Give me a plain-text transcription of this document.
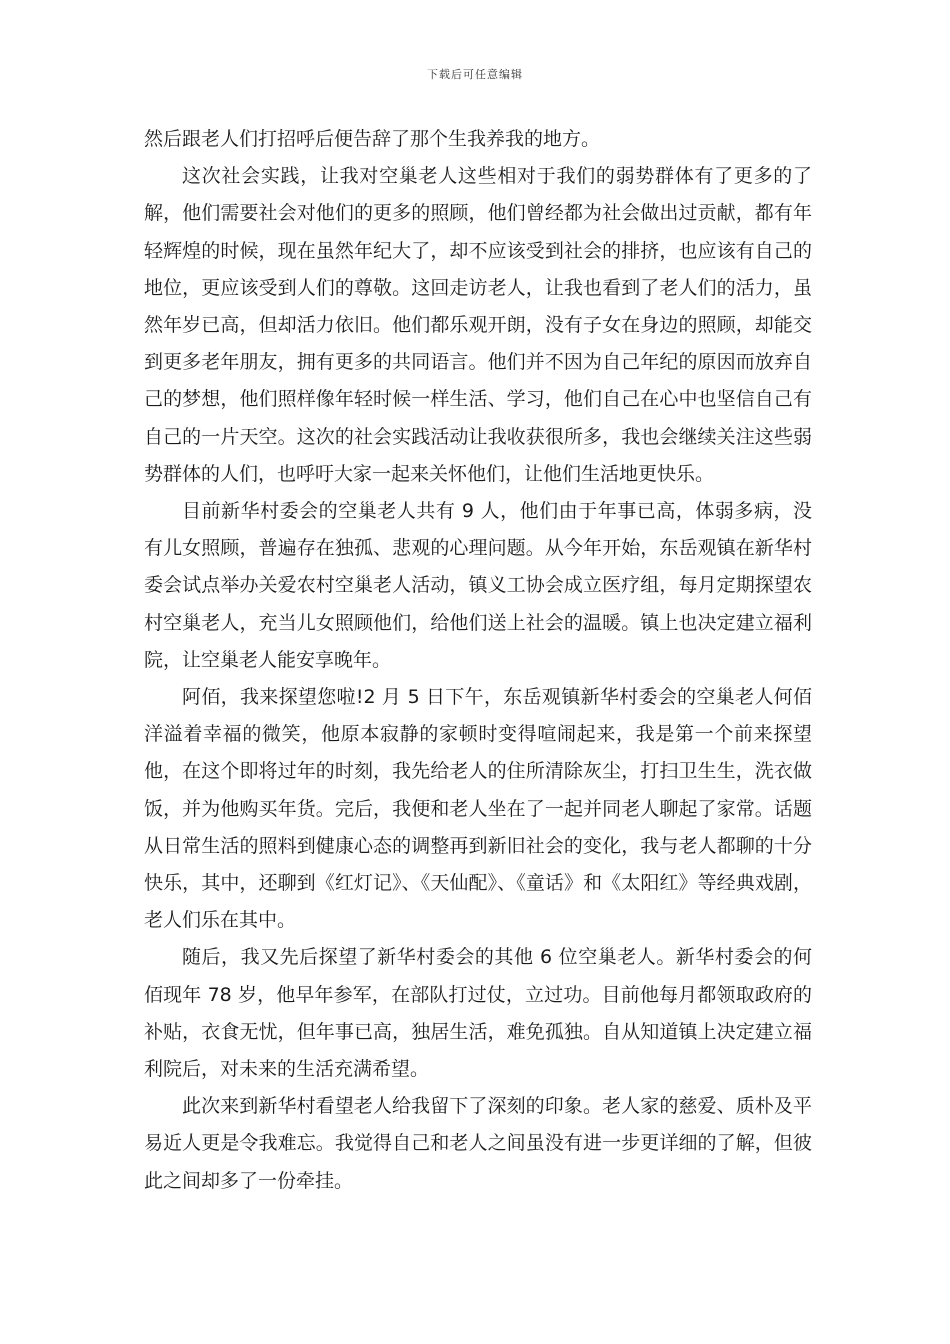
下载后可任意编辑

然后跟老人们打招呼后便告辞了那个生我养我的地方。

这次社会实践，让我对空巢老人这些相对于我们的弱势群体有了更多的了解，他们需要社会对他们的更多的照顾，他们曾经都为社会做出过贡献，都有年轻辉煌的时候，现在虽然年纪大了，却不应该受到社会的排挤，也应该有自己的地位，更应该受到人们的尊敬。这回走访老人，让我也看到了老人们的活力，虽然年岁已高，但却活力依旧。他们都乐观开朗，没有子女在身边的照顾，却能交到更多老年朋友，拥有更多的共同语言。他们并不因为自己年纪的原因而放弃自己的梦想，他们照样像年轻时候一样生活、学习，他们自己在心中也坚信自己有自己的一片天空。这次的社会实践活动让我收获很所多，我也会继续关注这些弱势群体的人们，也呼吁大家一起来关怀他们，让他们生活地更快乐。

目前新华村委会的空巢老人共有 9 人，他们由于年事已高，体弱多病，没有儿女照顾，普遍存在独孤、悲观的心理问题。从今年开始，东岳观镇在新华村委会试点举办关爱农村空巢老人活动，镇义工协会成立医疗组，每月定期探望农村空巢老人，充当儿女照顾他们，给他们送上社会的温暖。镇上也决定建立福利院，让空巢老人能安享晚年。

阿佰，我来探望您啦!2 月 5 日下午，东岳观镇新华村委会的空巢老人何佰洋溢着幸福的微笑，他原本寂静的家顿时变得喧闹起来，我是第一个前来探望他，在这个即将过年的时刻，我先给老人的住所清除灰尘，打扫卫生生，洗衣做饭，并为他购买年货。完后，我便和老人坐在了一起并同老人聊起了家常。话题从日常生活的照料到健康心态的调整再到新旧社会的变化，我与老人都聊的十分快乐，其中，还聊到《红灯记》、《天仙配》、《童话》和《太阳红》等经典戏剧，老人们乐在其中。

随后，我又先后探望了新华村委会的其他 6 位空巢老人。新华村委会的何佰现年 78 岁，他早年参军，在部队打过仗，立过功。目前他每月都领取政府的补贴，衣食无忧，但年事已高，独居生活，难免孤独。自从知道镇上决定建立福利院后，对未来的生活充满希望。

此次来到新华村看望老人给我留下了深刻的印象。老人家的慈爱、质朴及平易近人更是令我难忘。我觉得自己和老人之间虽没有进一步更详细的了解，但彼此之间却多了一份牵挂。
